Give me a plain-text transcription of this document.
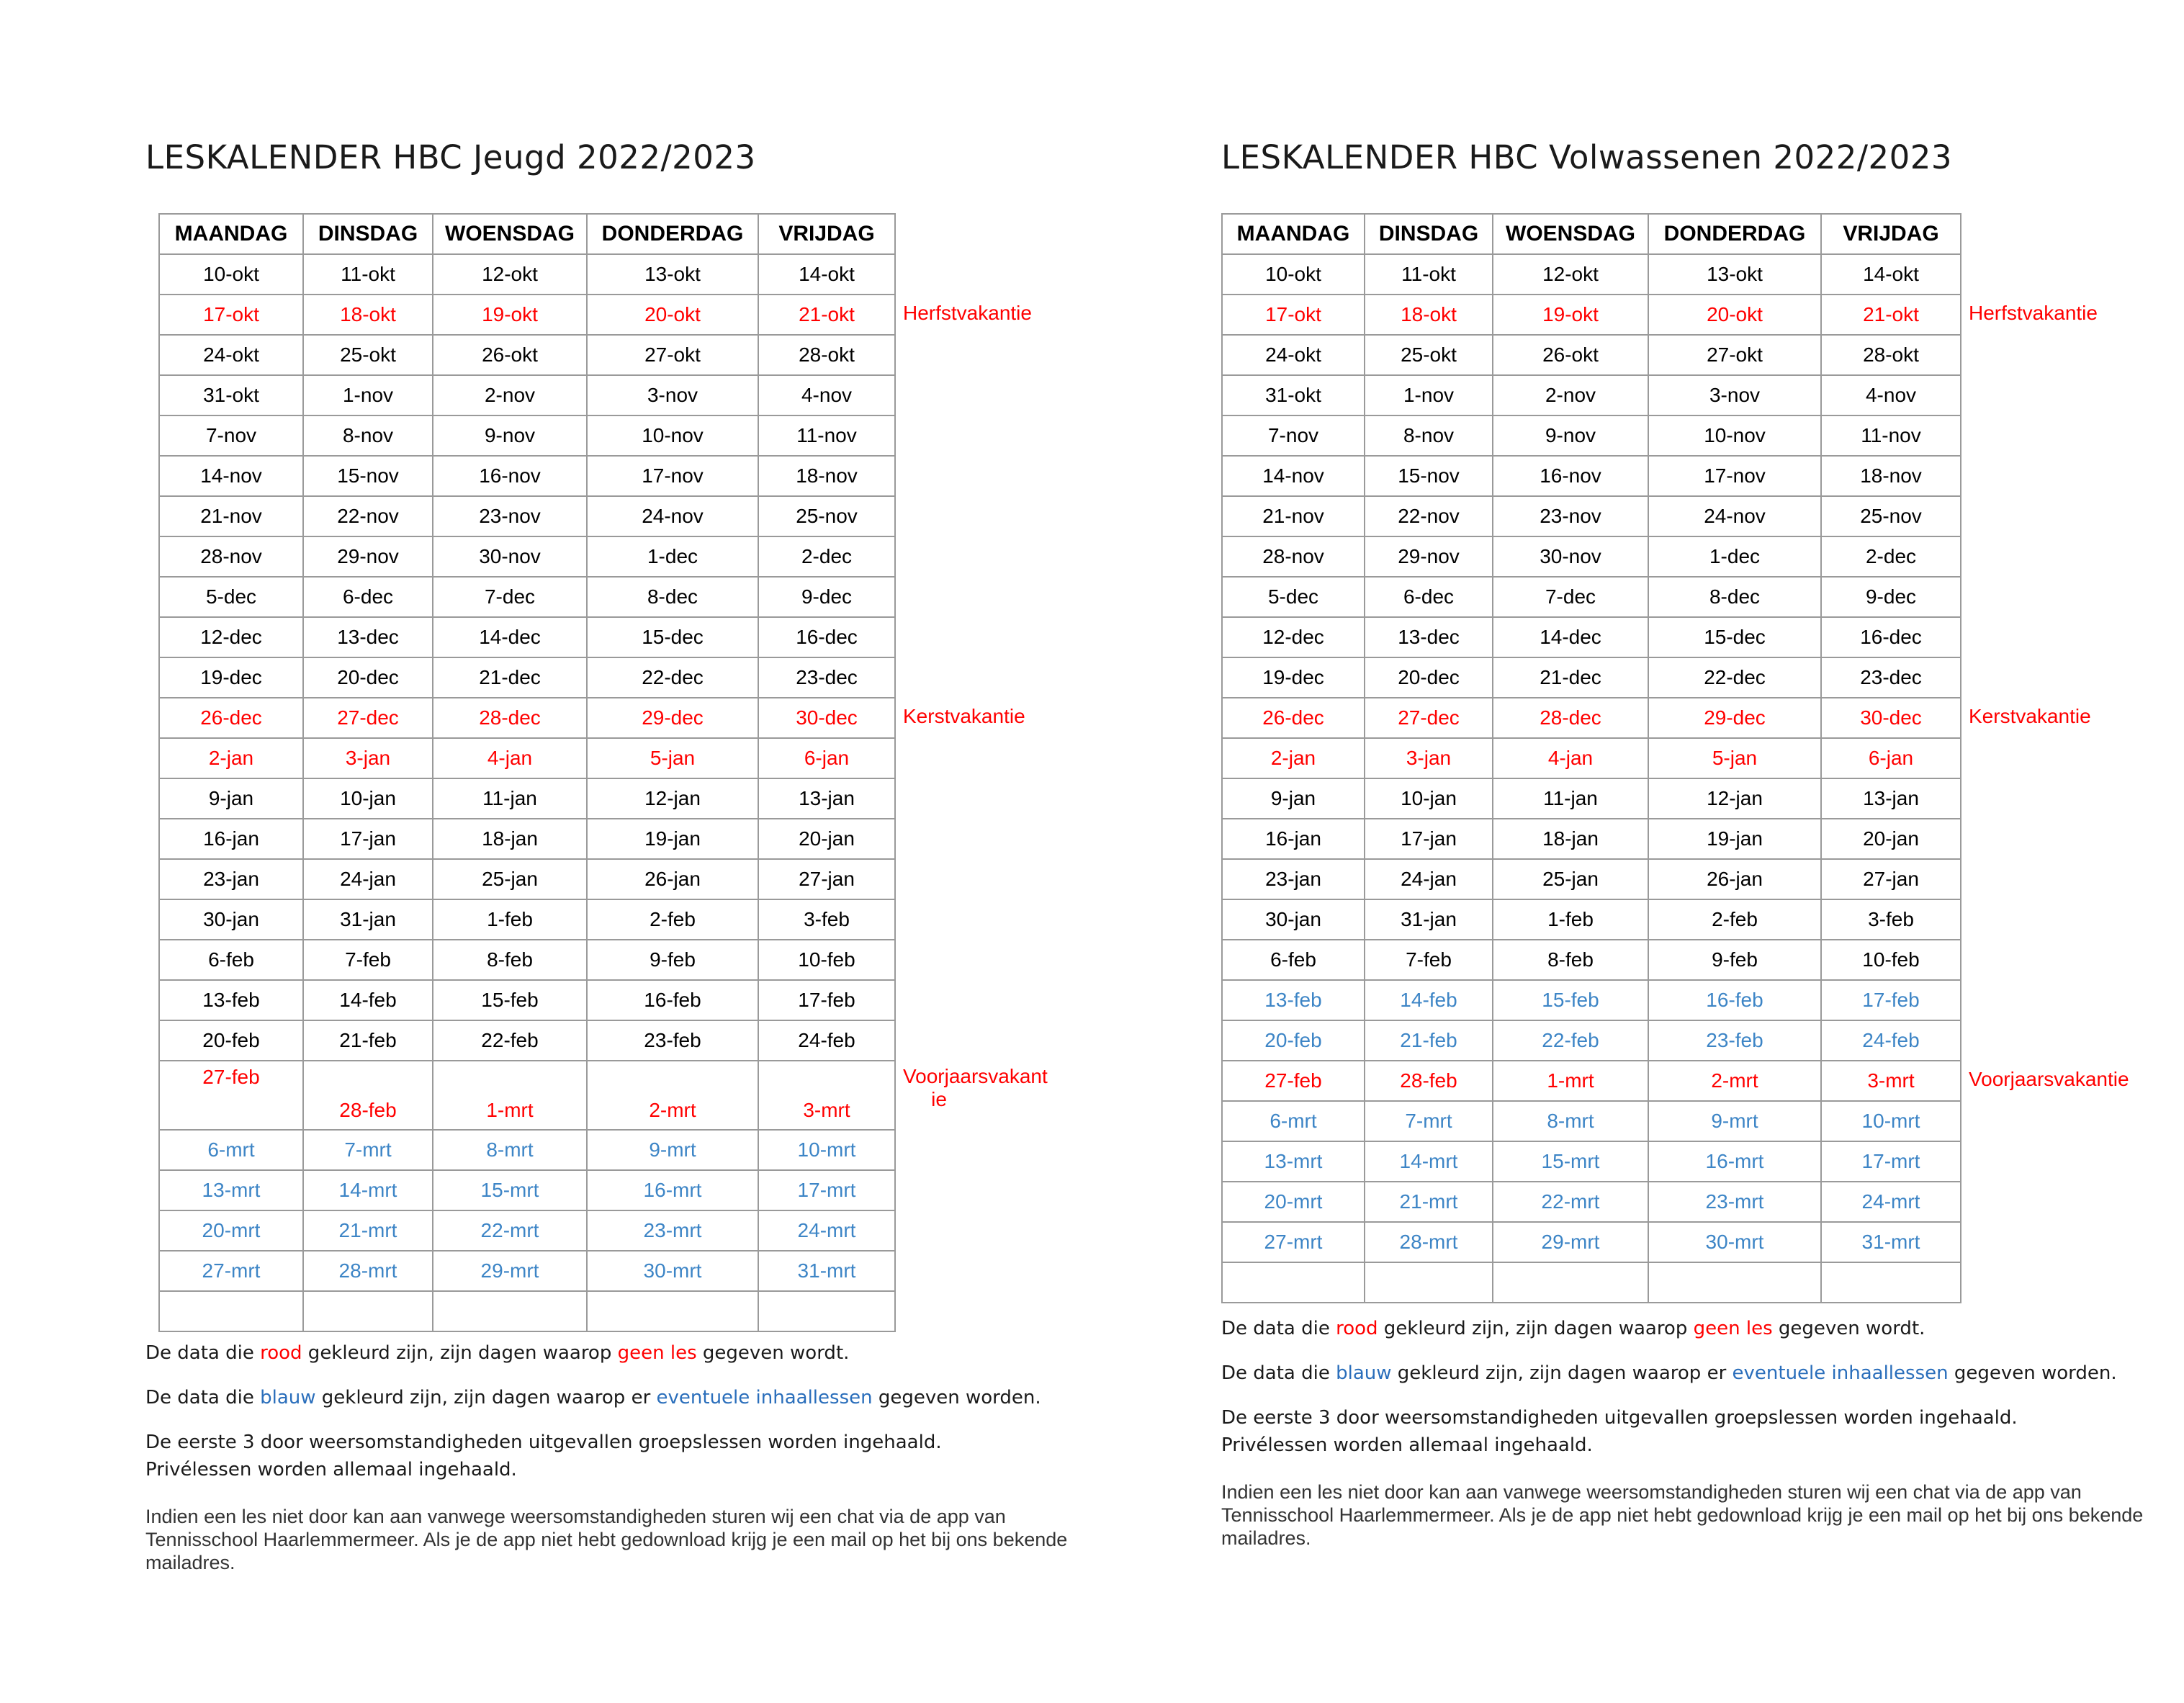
LESKALENDER HBC Jeugd 2022/2023
MAANDAG	DINSDAG	WOENSDAG	DONDERDAG	VRIJDAG
10-okt	11-okt	12-okt	13-okt	14-okt
17-okt	18-okt	19-okt	20-okt	21-okt
24-okt	25-okt	26-okt	27-okt	28-okt
31-okt	1-nov	2-nov	3-nov	4-nov
7-nov	8-nov	9-nov	10-nov	11-nov
14-nov	15-nov	16-nov	17-nov	18-nov
21-nov	22-nov	23-nov	24-nov	25-nov
28-nov	29-nov	30-nov	1-dec	2-dec
5-dec	6-dec	7-dec	8-dec	9-dec
12-dec	13-dec	14-dec	15-dec	16-dec
19-dec	20-dec	21-dec	22-dec	23-dec
26-dec	27-dec	28-dec	29-dec	30-dec
2-jan	3-jan	4-jan	5-jan	6-jan
9-jan	10-jan	11-jan	12-jan	13-jan
16-jan	17-jan	18-jan	19-jan	20-jan
23-jan	24-jan	25-jan	26-jan	27-jan
30-jan	31-jan	1-feb	2-feb	3-feb
6-feb	7-feb	8-feb	9-feb	10-feb
13-feb	14-feb	15-feb	16-feb	17-feb
20-feb	21-feb	22-feb	23-feb	24-feb
27-feb	28-feb	1-mrt	2-mrt	3-mrt
6-mrt	7-mrt	8-mrt	9-mrt	10-mrt
13-mrt	14-mrt	15-mrt	16-mrt	17-mrt
20-mrt	21-mrt	22-mrt	23-mrt	24-mrt
27-mrt	28-mrt	29-mrt	30-mrt	31-mrt

Herfstvakantie
Kerstvakantie
Voorjaarsvakant
ie
De data die rood gekleurd zijn, zijn dagen waarop geen les gegeven wordt.
De data die blauw gekleurd zijn, zijn dagen waarop er eventuele inhaallessen gegeven worden.
De eerste 3 door weersomstandigheden uitgevallen groepslessen worden ingehaald. Privélessen worden allemaal ingehaald.
Indien een les niet door kan aan vanwege weersomstandigheden sturen wij een chat via de app van Tennisschool Haarlemmermeer. Als je de app niet hebt gedownload krijg je een mail op het bij ons bekende mailadres.
LESKALENDER HBC Volwassenen 2022/2023
MAANDAG	DINSDAG	WOENSDAG	DONDERDAG	VRIJDAG
10-okt	11-okt	12-okt	13-okt	14-okt
17-okt	18-okt	19-okt	20-okt	21-okt
24-okt	25-okt	26-okt	27-okt	28-okt
31-okt	1-nov	2-nov	3-nov	4-nov
7-nov	8-nov	9-nov	10-nov	11-nov
14-nov	15-nov	16-nov	17-nov	18-nov
21-nov	22-nov	23-nov	24-nov	25-nov
28-nov	29-nov	30-nov	1-dec	2-dec
5-dec	6-dec	7-dec	8-dec	9-dec
12-dec	13-dec	14-dec	15-dec	16-dec
19-dec	20-dec	21-dec	22-dec	23-dec
26-dec	27-dec	28-dec	29-dec	30-dec
2-jan	3-jan	4-jan	5-jan	6-jan
9-jan	10-jan	11-jan	12-jan	13-jan
16-jan	17-jan	18-jan	19-jan	20-jan
23-jan	24-jan	25-jan	26-jan	27-jan
30-jan	31-jan	1-feb	2-feb	3-feb
6-feb	7-feb	8-feb	9-feb	10-feb
13-feb	14-feb	15-feb	16-feb	17-feb
20-feb	21-feb	22-feb	23-feb	24-feb
27-feb	28-feb	1-mrt	2-mrt	3-mrt
6-mrt	7-mrt	8-mrt	9-mrt	10-mrt
13-mrt	14-mrt	15-mrt	16-mrt	17-mrt
20-mrt	21-mrt	22-mrt	23-mrt	24-mrt
27-mrt	28-mrt	29-mrt	30-mrt	31-mrt

Herfstvakantie
Kerstvakantie
Voorjaarsvakantie
De data die rood gekleurd zijn, zijn dagen waarop geen les gegeven wordt.
De data die blauw gekleurd zijn, zijn dagen waarop er eventuele inhaallessen gegeven worden.
De eerste 3 door weersomstandigheden uitgevallen groepslessen worden ingehaald. Privélessen worden allemaal ingehaald.
Indien een les niet door kan aan vanwege weersomstandigheden sturen wij een chat via de app van Tennisschool Haarlemmermeer. Als je de app niet hebt gedownload krijg je een mail op het bij ons bekende mailadres.
